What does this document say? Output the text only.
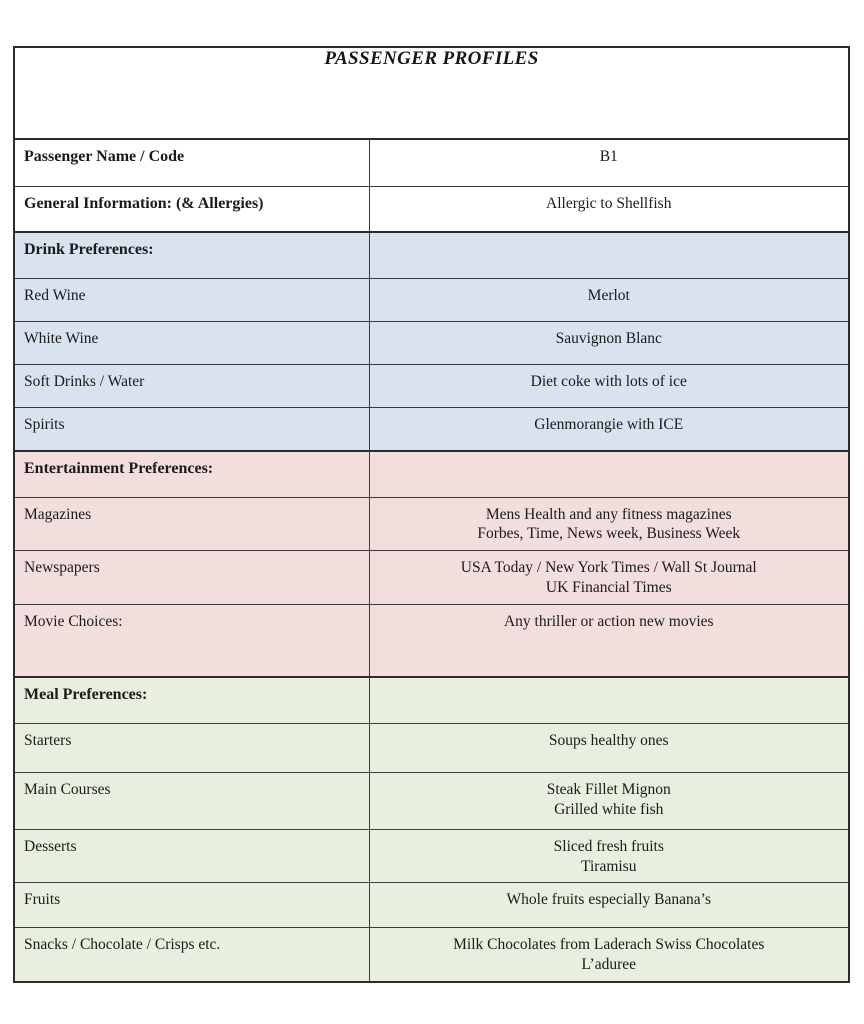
PASSENGER PROFILES	

Passenger Name / Code	B1

General Information: (& Allergies)	Allergic to Shellfish

Drink Preferences:	

Red Wine	Merlot

White Wine	Sauvignon Blanc

Soft Drinks / Water	Diet coke with lots of ice

Spirits	Glenmorangie with ICE

Entertainment Preferences:	

Magazines	Mens Health and any fitness magazines
Forbes, Time, News week, Business Week

Newspapers	USA Today / New York Times / Wall St Journal
UK Financial Times

Movie Choices:	Any thriller or action new movies

Meal Preferences:	

Starters	Soups healthy ones

Main Courses	Steak Fillet Mignon
Grilled white fish

Desserts	Sliced fresh fruits
Tiramisu

Fruits	Whole fruits especially Banana’s

Snacks / Chocolate / Crisps etc.	Milk Chocolates from Laderach Swiss Chocolates
L’aduree
